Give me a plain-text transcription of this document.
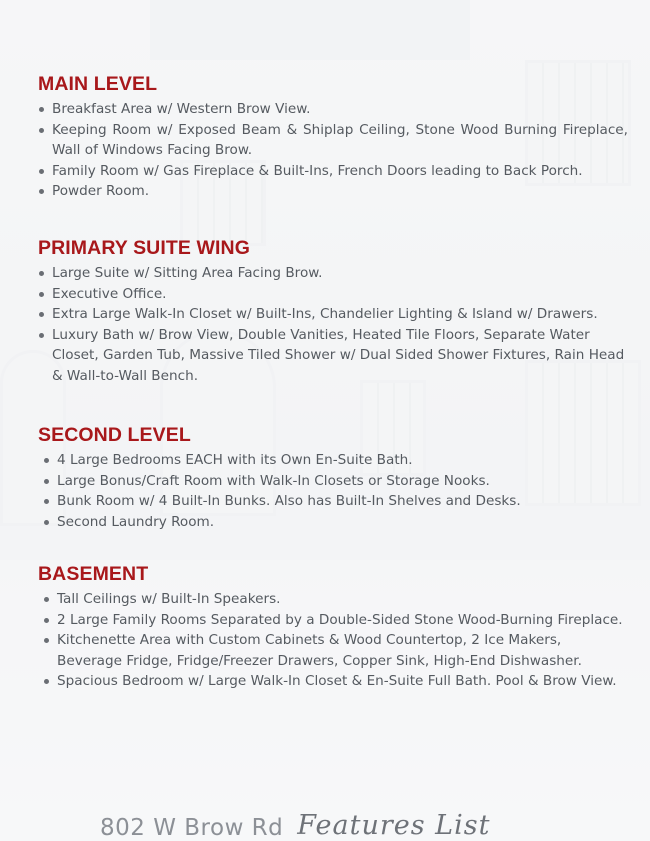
MAIN LEVEL
Breakfast Area w/ Western Brow View.
Keeping Room w/ Exposed Beam & Shiplap Ceiling, Stone Wood Burning Fireplace, Wall of Windows Facing Brow.
Family Room w/ Gas Fireplace & Built-Ins, French Doors leading to Back Porch.
Powder Room.
PRIMARY SUITE WING
Large Suite w/ Sitting Area Facing Brow.
Executive Office.
Extra Large Walk-In Closet w/ Built-Ins, Chandelier Lighting & Island w/ Drawers.
Luxury Bath w/ Brow View, Double Vanities, Heated Tile Floors, Separate Water Closet, Garden Tub, Massive Tiled Shower w/ Dual Sided Shower Fixtures, Rain Head & Wall-to-Wall Bench.
SECOND LEVEL
4 Large Bedrooms EACH with its Own En-Suite Bath.
Large Bonus/Craft Room with Walk-In Closets or Storage Nooks.
Bunk Room w/ 4 Built-In Bunks. Also has Built-In Shelves and Desks.
Second Laundry Room.
BASEMENT
Tall Ceilings w/ Built-In Speakers.
2 Large Family Rooms Separated by a Double-Sided Stone Wood-Burning Fireplace.
Kitchenette Area with Custom Cabinets & Wood Countertop, 2 Ice Makers, Beverage Fridge, Fridge/Freezer Drawers, Copper Sink, High-End Dishwasher.
Spacious Bedroom w/ Large Walk-In Closet & En-Suite Full Bath. Pool & Brow View.
802 W Brow Rd Features List
